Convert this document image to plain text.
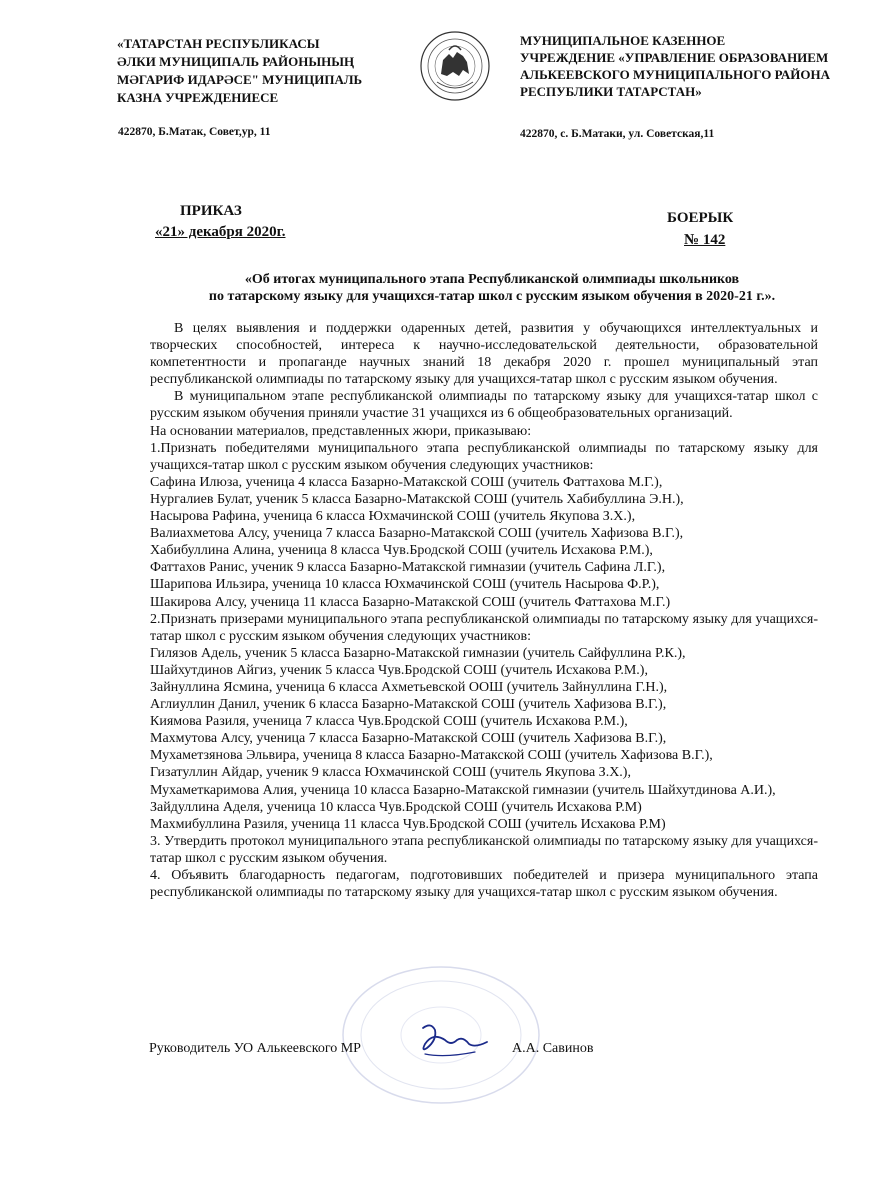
«ТАТАРСТАН РЕСПУБЛИКАСЫ
ӘЛКИ МУНИЦИПАЛЬ РАЙОНЫНЫҢ
МӘГАРИФ ИДАРӘСЕ" МУНИЦИПАЛЬ
КАЗНА УЧРЕЖДЕНИЕСЕ
422870, Б.Матак, Совет,ур, 11
МУНИЦИПАЛЬНОЕ КАЗЕННОЕ
УЧРЕЖДЕНИЕ «УПРАВЛЕНИЕ ОБРАЗОВАНИЕМ
АЛЬКЕЕВСКОГО МУНИЦИПАЛЬНОГО РАЙОНА
РЕСПУБЛИКИ ТАТАРСТАН»
422870, с. Б.Матаки, ул. Советская,11
ПРИКАЗ
«21» декабря 2020г.
БОЕРЫК
№ 142
«Об итогах муниципального этапа Республиканской олимпиады школьников
по татарскому языку для учащихся-татар школ с русским языком обучения в 2020-21 г.».

В целях выявления и поддержки одаренных детей, развития у обучающихся интеллектуальных и творческих способностей, интереса к научно-исследовательской деятельности, образовательной компетентности и пропаганде научных знаний 18 декабря 2020 г. прошел муниципальный этап республиканской олимпиады по татарскому языку для учащихся-татар школ с русским языком обучения.

В муниципальном этапе республиканской олимпиады по татарскому языку для учащихся-татар школ с русским языком обучения приняли участие 31 учащихся из 6 общеобразовательных организаций.

На основании материалов, представленных жюри, приказываю:

1.Признать победителями муниципального этапа республиканской олимпиады по татарскому языку для учащихся-татар школ с русским языком обучения следующих участников:

Сафина Илюза, ученица 4 класса Базарно-Матакской СОШ (учитель Фаттахова М.Г.),

Нургалиев Булат, ученик 5 класса Базарно-Матакской СОШ (учитель Хабибуллина Э.Н.),

Насырова Рафина, ученица 6 класса Юхмачинской СОШ (учитель Якупова З.Х.),

Валиахметова Алсу, ученица 7 класса Базарно-Матакской СОШ (учитель Хафизова В.Г.),

Хабибуллина Алина, ученица 8 класса Чув.Бродской СОШ (учитель Исхакова Р.М.),

Фаттахов Ранис, ученик 9 класса Базарно-Матакской гимназии (учитель Сафина Л.Г.),

Шарипова Ильзира, ученица 10 класса Юхмачинской СОШ (учитель Насырова Ф.Р.),

Шакирова Алсу, ученица 11 класса Базарно-Матакской СОШ (учитель Фаттахова М.Г.)

2.Признать призерами муниципального этапа республиканской олимпиады по татарскому языку для учащихся-татар школ с русским языком обучения следующих участников:

Гилязов Адель, ученик 5 класса Базарно-Матакской гимназии (учитель Сайфуллина Р.К.),

Шайхутдинов Айгиз, ученик 5 класса Чув.Бродской СОШ (учитель Исхакова Р.М.),

Зайнуллина Ясмина, ученица 6 класса Ахметьевской ООШ (учитель Зайнуллина Г.Н.),

Аглиуллин Данил, ученик 6 класса Базарно-Матакской СОШ (учитель Хафизова В.Г.),

Киямова Разиля, ученица 7 класса Чув.Бродской СОШ (учитель Исхакова Р.М.),

Махмутова Алсу, ученица 7 класса Базарно-Матакской СОШ (учитель Хафизова В.Г.),

Мухаметзянова Эльвира, ученица 8 класса Базарно-Матакской СОШ (учитель Хафизова В.Г.),

Гизатуллин Айдар, ученик 9 класса Юхмачинской СОШ (учитель Якупова З.Х.),

Мухаметкаримова Алия, ученица 10 класса Базарно-Матакской гимназии (учитель Шайхутдинова А.И.),

Зайдуллина Аделя, ученица 10 класса Чув.Бродской СОШ (учитель Исхакова Р.М)

Махмибуллина Разиля, ученица 11 класса Чув.Бродской СОШ (учитель Исхакова Р.М)

3. Утвердить протокол муниципального этапа республиканской олимпиады по татарскому языку для учащихся-татар школ с русским языком обучения.

4. Объявить благодарность педагогам, подготовивших победителей и призера муниципального этапа республиканской олимпиады по татарскому языку для учащихся-татар школ с русским языком обучения.

Руководитель УО Алькеевского МР	А.А. Савинов
